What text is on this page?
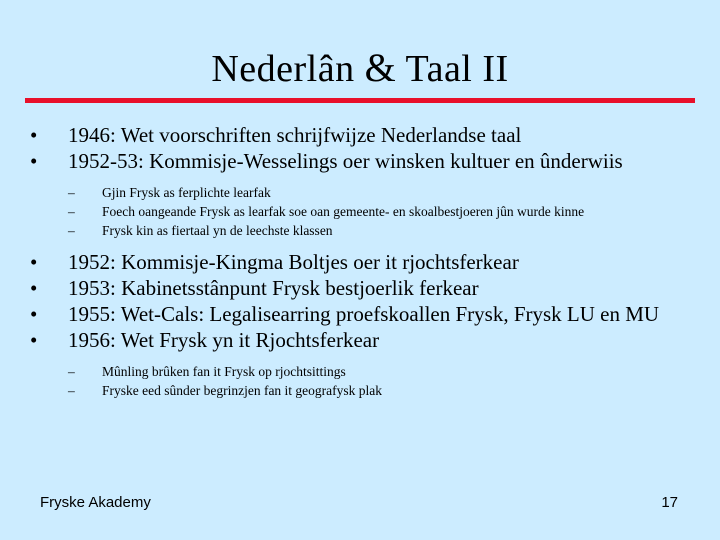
Nederlân & Taal II
•	1946: Wet voorschriften schrijfwijze Nederlandse taal
•	1952-53: Kommisje-Wesselings oer winsken kultuer en ûnderwiis
– Gjin Frysk as ferplichte learfak
– Foech oangeande Frysk as learfak soe oan gemeente- en skoalbestjoeren jûn wurde kinne
– Frysk kin as fiertaal yn de leechste klassen
•	1952: Kommisje-Kingma Boltjes oer it rjochtsferkear
•	1953: Kabinetsstânpunt Frysk bestjoerlik ferkear
•	1955: Wet-Cals: Legalisearring proefskoallen Frysk, Frysk LU en MU
•	1956: Wet Frysk yn it Rjochtsferkear
– Mûnling brûken fan it Frysk op rjochtsittings
– Fryske eed sûnder begrinzjen fan it geografysk plak
Fryske Akademy	17
